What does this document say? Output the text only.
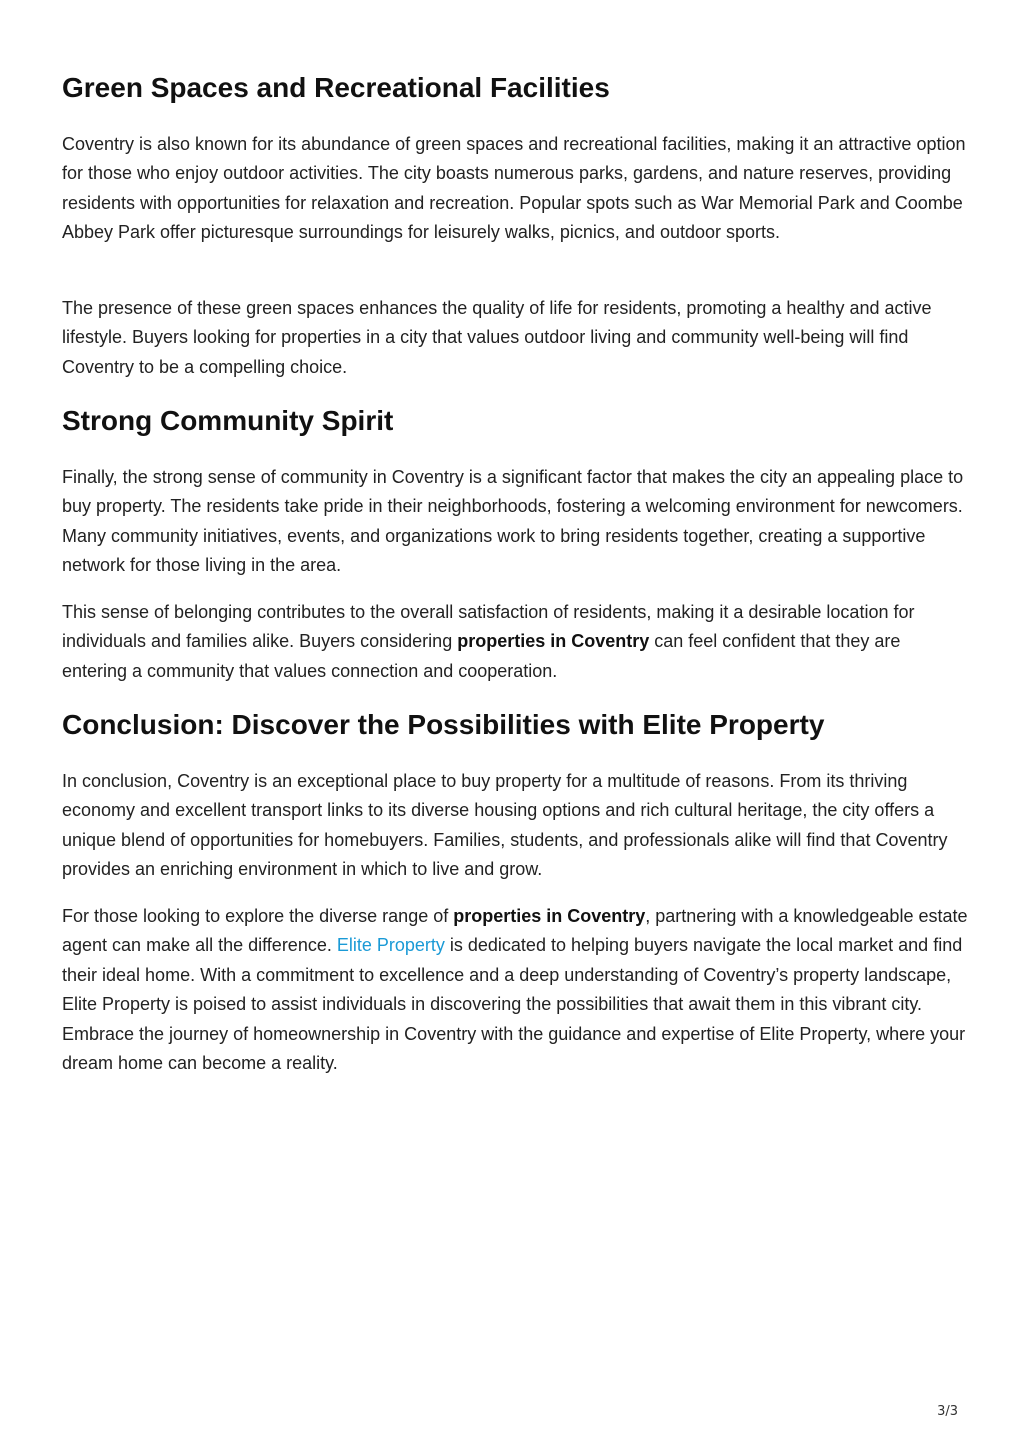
Green Spaces and Recreational Facilities

Coventry is also known for its abundance of green spaces and recreational facilities, making it an attractive option for those who enjoy outdoor activities. The city boasts numerous parks, gardens, and nature reserves, providing residents with opportunities for relaxation and recreation. Popular spots such as War Memorial Park and Coombe Abbey Park offer picturesque surroundings for leisurely walks, picnics, and outdoor sports.

The presence of these green spaces enhances the quality of life for residents, promoting a healthy and active lifestyle. Buyers looking for properties in a city that values outdoor living and community well-being will find Coventry to be a compelling choice.

Strong Community Spirit

Finally, the strong sense of community in Coventry is a significant factor that makes the city an appealing place to buy property. The residents take pride in their neighborhoods, fostering a welcoming environment for newcomers. Many community initiatives, events, and organizations work to bring residents together, creating a supportive network for those living in the area.

This sense of belonging contributes to the overall satisfaction of residents, making it a desirable location for individuals and families alike. Buyers considering properties in Coventry can feel confident that they are entering a community that values connection and cooperation.

Conclusion: Discover the Possibilities with Elite Property

In conclusion, Coventry is an exceptional place to buy property for a multitude of reasons. From its thriving economy and excellent transport links to its diverse housing options and rich cultural heritage, the city offers a unique blend of opportunities for homebuyers. Families, students, and professionals alike will find that Coventry provides an enriching environment in which to live and grow.

For those looking to explore the diverse range of properties in Coventry, partnering with a knowledgeable estate agent can make all the difference. Elite Property is dedicated to helping buyers navigate the local market and find their ideal home. With a commitment to excellence and a deep understanding of Coventry’s property landscape, Elite Property is poised to assist individuals in discovering the possibilities that await them in this vibrant city. Embrace the journey of homeownership in Coventry with the guidance and expertise of Elite Property, where your dream home can become a reality.

3/3
